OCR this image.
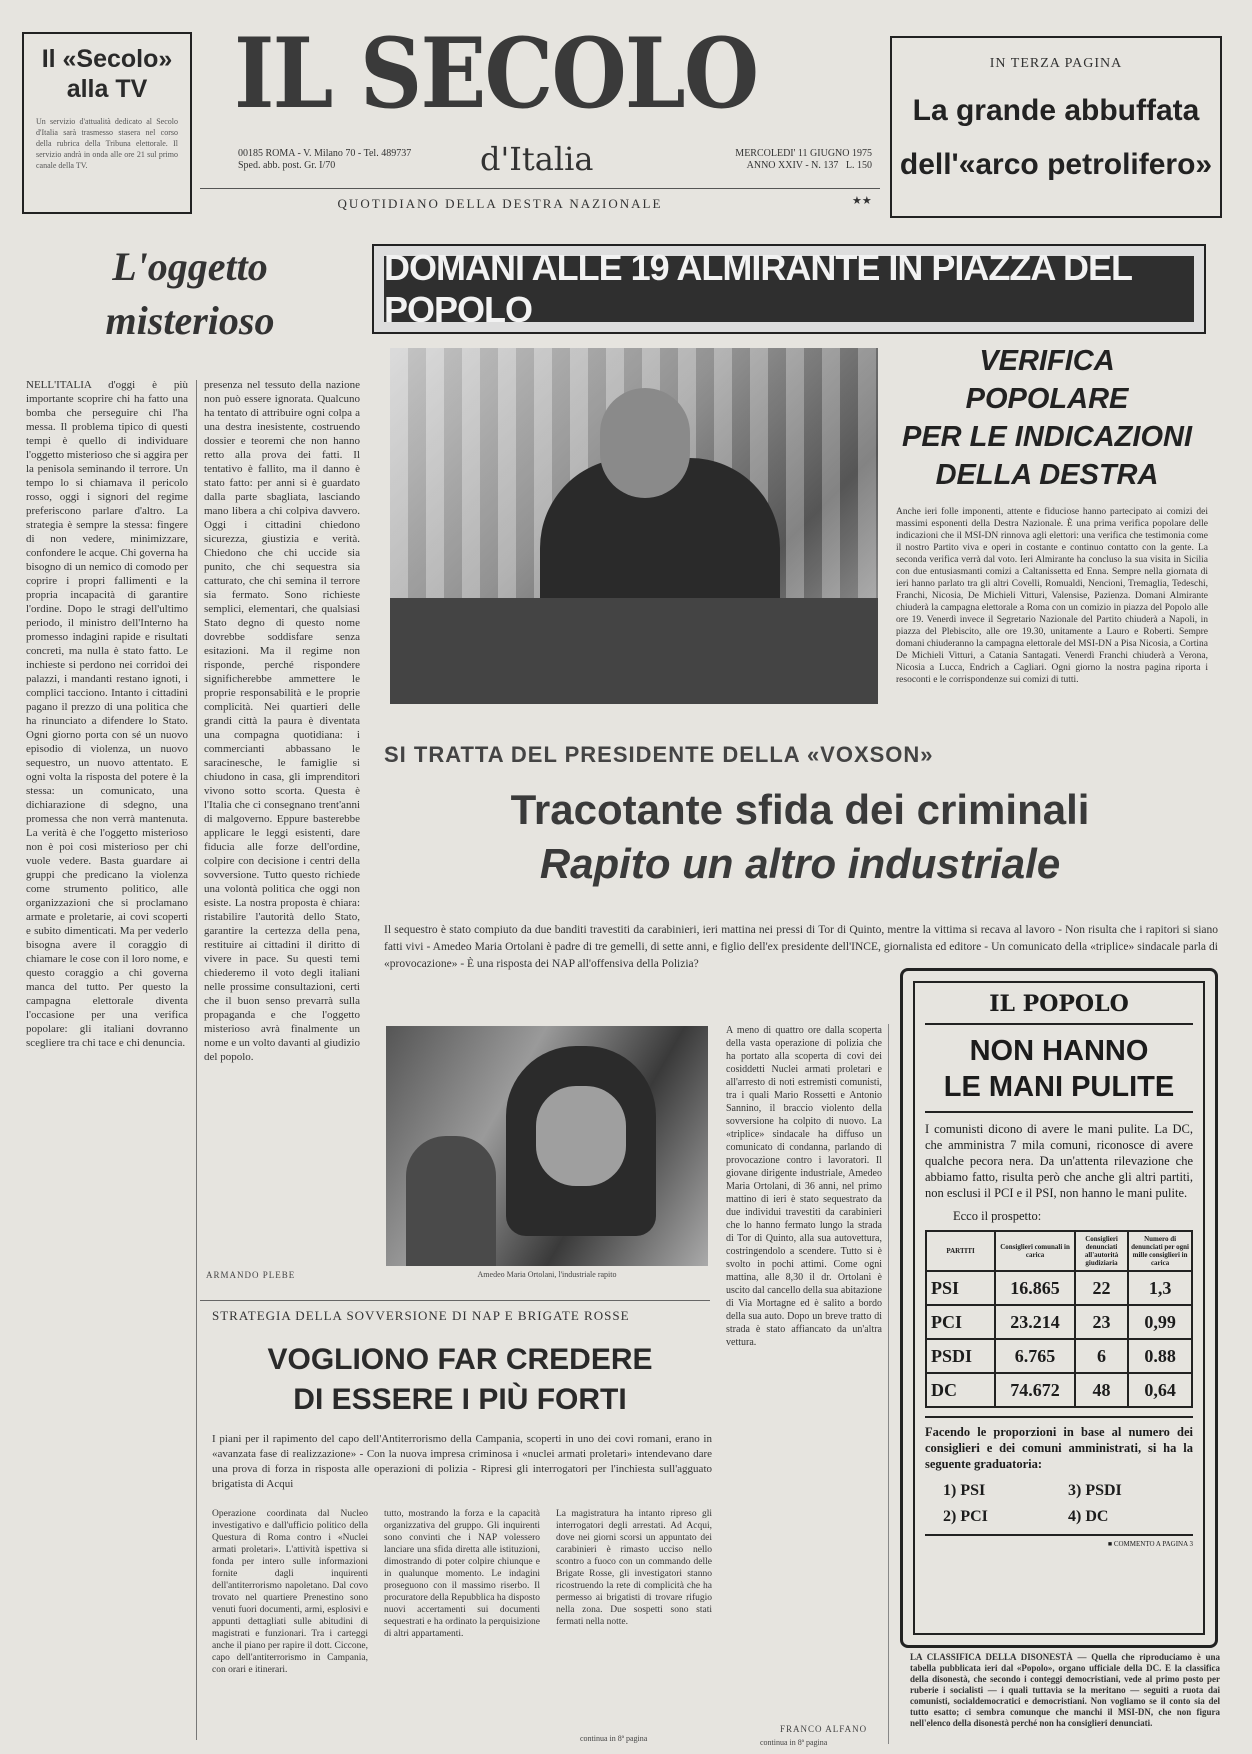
Il «Secolo» alla TV
Un servizio d'attualità dedicato al Secolo d'Italia sarà trasmesso stasera nel corso della rubrica della Tribuna elettorale. Il servizio andrà in onda alle ore 21 sul primo canale della TV.
IL SECOLO
00185 ROMA - V. Milano 70 - Tel. 489737
Sped. abb. post. Gr. I/70	d'Italia	MERCOLEDI' 11 GIUGNO 1975
ANNO XXIV - N. 137 L. 150
QUOTIDIANO DELLA DESTRA NAZIONALE	★★
IN TERZA PAGINA
La grande abbuffata
dell'«arco petrolifero»
L'oggetto
misterioso
NELL'ITALIA d'oggi è più importante scoprire chi ha fatto una bomba che perseguire chi l'ha messa. Il problema tipico di questi tempi è quello di individuare l'oggetto misterioso che si aggira per la penisola seminando il terrore. Un tempo lo si chiamava il pericolo rosso, oggi i signori del regime preferiscono parlare d'altro. La strategia è sempre la stessa: fingere di non vedere, minimizzare, confondere le acque. Chi governa ha bisogno di un nemico di comodo per coprire i propri fallimenti e la propria incapacità di garantire l'ordine. Dopo le stragi dell'ultimo periodo, il ministro dell'Interno ha promesso indagini rapide e risultati concreti, ma nulla è stato fatto. Le inchieste si perdono nei corridoi dei palazzi, i mandanti restano ignoti, i complici tacciono. Intanto i cittadini pagano il prezzo di una politica che ha rinunciato a difendere lo Stato. Ogni giorno porta con sé un nuovo episodio di violenza, un nuovo sequestro, un nuovo attentato. E ogni volta la risposta del potere è la stessa: un comunicato, una dichiarazione di sdegno, una promessa che non verrà mantenuta. La verità è che l'oggetto misterioso non è poi così misterioso per chi vuole vedere. Basta guardare ai gruppi che predicano la violenza come strumento politico, alle organizzazioni che si proclamano armate e proletarie, ai covi scoperti e subito dimenticati. Ma per vederlo bisogna avere il coraggio di chiamare le cose con il loro nome, e questo coraggio a chi governa manca del tutto. Per questo la campagna elettorale diventa l'occasione per una verifica popolare: gli italiani dovranno scegliere tra chi tace e chi denuncia.
presenza nel tessuto della nazione non può essere ignorata. Qualcuno ha tentato di attribuire ogni colpa a una destra inesistente, costruendo dossier e teoremi che non hanno retto alla prova dei fatti. Il tentativo è fallito, ma il danno è stato fatto: per anni si è guardato dalla parte sbagliata, lasciando mano libera a chi colpiva davvero. Oggi i cittadini chiedono sicurezza, giustizia e verità. Chiedono che chi uccide sia punito, che chi sequestra sia catturato, che chi semina il terrore sia fermato. Sono richieste semplici, elementari, che qualsiasi Stato degno di questo nome dovrebbe soddisfare senza esitazioni. Ma il regime non risponde, perché rispondere significherebbe ammettere le proprie responsabilità e le proprie complicità. Nei quartieri delle grandi città la paura è diventata una compagna quotidiana: i commercianti abbassano le saracinesche, le famiglie si chiudono in casa, gli imprenditori vivono sotto scorta. Questa è l'Italia che ci consegnano trent'anni di malgoverno. Eppure basterebbe applicare le leggi esistenti, dare fiducia alle forze dell'ordine, colpire con decisione i centri della sovversione. Tutto questo richiede una volontà politica che oggi non esiste. La nostra proposta è chiara: ristabilire l'autorità dello Stato, garantire la certezza della pena, restituire ai cittadini il diritto di vivere in pace. Su questi temi chiederemo il voto degli italiani nelle prossime consultazioni, certi che il buon senso prevarrà sulla propaganda e che l'oggetto misterioso avrà finalmente un nome e un volto davanti al giudizio del popolo.
ARMANDO PLEBE
DOMANI ALLE 19 ALMIRANTE IN PIAZZA DEL POPOLO
VERIFICA
POPOLARE
PER LE INDICAZIONI
DELLA DESTRA
Anche ieri folle imponenti, attente e fiduciose hanno partecipato ai comizi dei massimi esponenti della Destra Nazionale. È una prima verifica popolare delle indicazioni che il MSI-DN rinnova agli elettori: una verifica che testimonia come il nostro Partito viva e operi in costante e continuo contatto con la gente. La seconda verifica verrà dal voto. Ieri Almirante ha concluso la sua visita in Sicilia con due entusiasmanti comizi a Caltanissetta ed Enna. Sempre nella giornata di ieri hanno parlato tra gli altri Covelli, Romualdi, Nencioni, Tremaglia, Tedeschi, Franchi, Nicosia, De Michieli Vitturi, Valensise, Pazienza. Domani Almirante chiuderà la campagna elettorale a Roma con un comizio in piazza del Popolo alle ore 19. Venerdì invece il Segretario Nazionale del Partito chiuderà a Napoli, in piazza del Plebiscito, alle ore 19.30, unitamente a Lauro e Roberti. Sempre domani chiuderanno la campagna elettorale del MSI-DN a Pisa Nicosia, a Cortina De Michieli Vitturi, a Catania Santagati. Venerdì Franchi chiuderà a Verona, Nicosia a Lucca, Endrich a Cagliari. Ogni giorno la nostra pagina riporta i resoconti e le corrispondenze sui comizi di tutti.
SI TRATTA DEL PRESIDENTE DELLA «VOXSON»
Tracotante sfida dei criminali
Rapito un altro industriale
Il sequestro è stato compiuto da due banditi travestiti da carabinieri, ieri mattina nei pressi di Tor di Quinto, mentre la vittima si recava al lavoro - Non risulta che i rapitori si siano fatti vivi - Amedeo Maria Ortolani è padre di tre gemelli, di sette anni, e figlio dell'ex presidente dell'INCE, giornalista ed editore - Un comunicato della «triplice» sindacale parla di «provocazione» - È una risposta dei NAP all'offensiva della Polizia?
Amedeo Maria Ortolani, l'industriale rapito
A meno di quattro ore dalla scoperta della vasta operazione di polizia che ha portato alla scoperta di covi dei cosiddetti Nuclei armati proletari e all'arresto di noti estremisti comunisti, tra i quali Mario Rossetti e Antonio Sannino, il braccio violento della sovversione ha colpito di nuovo. La «triplice» sindacale ha diffuso un comunicato di condanna, parlando di provocazione contro i lavoratori. Il giovane dirigente industriale, Amedeo Maria Ortolani, di 36 anni, nel primo mattino di ieri è stato sequestrato da due individui travestiti da carabinieri che lo hanno fermato lungo la strada di Tor di Quinto, alla sua autovettura, costringendolo a scendere. Tutto si è svolto in pochi attimi. Come ogni mattina, alle 8,30 il dr. Ortolani è uscito dal cancello della sua abitazione di Via Mortagne ed è salito a bordo della sua auto. Dopo un breve tratto di strada è stato affiancato da un'altra vettura.
FRANCO ALFANO
continua in 8ª pagina
STRATEGIA DELLA SOVVERSIONE DI NAP E BRIGATE ROSSE
VOGLIONO FAR CREDERE
DI ESSERE I PIÙ FORTI
I piani per il rapimento del capo dell'Antiterrorismo della Campania, scoperti in uno dei covi romani, erano in «avanzata fase di realizzazione» - Con la nuova impresa criminosa i «nuclei armati proletari» intendevano dare una prova di forza in risposta alle operazioni di polizia - Ripresi gli interrogatori per l'inchiesta sull'agguato brigatista di Acqui
Operazione coordinata dal Nucleo investigativo e dall'ufficio politico della Questura di Roma contro i «Nuclei armati proletari». L'attività ispettiva si fonda per intero sulle informazioni fornite dagli inquirenti dell'antiterrorismo napoletano. Dal covo trovato nel quartiere Prenestino sono venuti fuori documenti, armi, esplosivi e appunti dettagliati sulle abitudini di magistrati e funzionari. Tra i carteggi anche il piano per rapire il dott. Ciccone, capo dell'antiterrorismo in Campania, con orari e itinerari.
tutto, mostrando la forza e la capacità organizzativa del gruppo. Gli inquirenti sono convinti che i NAP volessero lanciare una sfida diretta alle istituzioni, dimostrando di poter colpire chiunque e in qualunque momento. Le indagini proseguono con il massimo riserbo. Il procuratore della Repubblica ha disposto nuovi accertamenti sui documenti sequestrati e ha ordinato la perquisizione di altri appartamenti.
La magistratura ha intanto ripreso gli interrogatori degli arrestati. Ad Acqui, dove nei giorni scorsi un appuntato dei carabinieri è rimasto ucciso nello scontro a fuoco con un commando delle Brigate Rosse, gli investigatori stanno ricostruendo la rete di complicità che ha permesso ai brigatisti di trovare rifugio nella zona. Due sospetti sono stati fermati nella notte.
continua in 8ª pagina
IL POPOLO
NON HANNO
LE MANI PULITE
I comunisti dicono di avere le mani pulite. La DC, che amministra 7 mila comuni, riconosce di avere qualche pecora nera. Da un'attenta rilevazione che abbiamo fatto, risulta però che anche gli altri partiti, non esclusi il PCI e il PSI, non hanno le mani pulite.
Ecco il prospetto:
PARTITI	Consiglieri comunali in carica	Consiglieri denunciati all'autorità giudiziaria	Numero di denunciati per ogni mille consiglieri in carica
PSI	16.865	22	1,3
PCI	23.214	23	0,99
PSDI	6.765	6	0.88
DC	74.672	48	0,64
Facendo le proporzioni in base al numero dei consiglieri e dei comuni amministrati, si ha la seguente graduatoria:
1) PSI	3) PSDI
2) PCI	4) DC
■ COMMENTO A PAGINA 3
LA CLASSIFICA DELLA DISONESTÀ — Quella che riproduciamo è una tabella pubblicata ieri dal «Popolo», organo ufficiale della DC. E la classifica della disonestà, che secondo i conteggi democristiani, vede al primo posto per ruberie i socialisti — i quali tuttavia se la meritano — seguiti a ruota dai comunisti, socialdemocratici e democristiani. Non vogliamo se il conto sia del tutto esatto; ci sembra comunque che manchi il MSI-DN, che non figura nell'elenco della disonestà perché non ha consiglieri denunciati.
